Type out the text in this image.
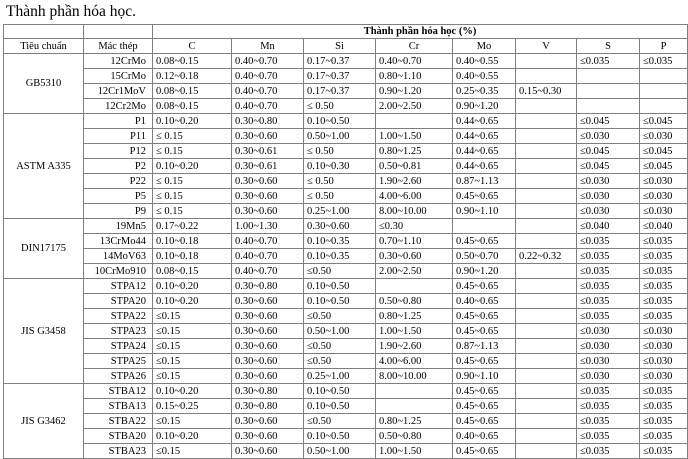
Thành phần hóa học.
		Thành phần hóa học (%)							
Tiêu chuẩn	Mác thép	C	Mn	Si	Cr	Mo	V	S	P
GB5310	12CrMo	0.08~0.15	0.40~0.70	0.17~0.37	0.40~0.70	0.40~0.55		≤0.035	≤0.035
	15CrMo	0.12~0.18	0.40~0.70	0.17~0.37	0.80~1.10	0.40~0.55			
	12Cr1MoV	0.08~0.15	0.40~0.70	0.17~0.37	0.90~1.20	0.25~0.35	0.15~0.30		
	12Cr2Mo	0.08~0.15	0.40~0.70	≤ 0.50	2.00~2.50	0.90~1.20			
ASTM A335	P1	0.10~0.20	0.30~0.80	0.10~0.50		0.44~0.65		≤0.045	≤0.045
	P11	≤ 0.15	0.30~0.60	0.50~1.00	1.00~1.50	0.44~0.65		≤0.030	≤0.030
	P12	≤ 0.15	0.30~0.61	≤ 0.50	0.80~1.25	0.44~0.65		≤0.045	≤0.045
	P2	0.10~0.20	0.30~0.61	0.10~0.30	0.50~0.81	0.44~0.65		≤0.045	≤0.045
	P22	≤ 0.15	0.30~0.60	≤ 0.50	1.90~2.60	0.87~1.13		≤0.030	≤0.030
	P5	≤ 0.15	0.30~0.60	≤ 0.50	4.00~6.00	0.45~0.65		≤0.030	≤0.030
	P9	≤ 0.15	0.30~0.60	0.25~1.00	8.00~10.00	0.90~1.10		≤0.030	≤0.030
DIN17175	19Mn5	0.17~0.22	1.00~1.30	0.30~0.60	≤0.30			≤0.040	≤0.040
	13CrMo44	0.10~0.18	0.40~0.70	0.10~0.35	0.70~1.10	0.45~0.65		≤0.035	≤0.035
	14MoV63	0.10~0.18	0.40~0.70	0.10~0.35	0.30~0.60	0.50~0.70	0.22~0.32	≤0.035	≤0.035
	10CrMo910	0.08~0.15	0.40~0.70	≤0.50	2.00~2.50	0.90~1.20		≤0.035	≤0.035
JIS G3458	STPA12	0.10~0.20	0.30~0.80	0.10~0.50		0.45~0.65		≤0.035	≤0.035
	STPA20	0.10~0.20	0.30~0.60	0.10~0.50	0.50~0.80	0.40~0.65		≤0.035	≤0.035
	STPA22	≤0.15	0.30~0.60	≤0.50	0.80~1.25	0.45~0.65		≤0.035	≤0.035
	STPA23	≤0.15	0.30~0.60	0.50~1.00	1.00~1.50	0.45~0.65		≤0.030	≤0.030
	STPA24	≤0.15	0.30~0.60	≤0.50	1.90~2.60	0.87~1.13		≤0.030	≤0.030
	STPA25	≤0.15	0.30~0.60	≤0.50	4.00~6.00	0.45~0.65		≤0.030	≤0.030
	STPA26	≤0.15	0.30~0.60	0.25~1.00	8.00~10.00	0.90~1.10		≤0.030	≤0.030
JIS G3462	STBA12	0.10~0.20	0.30~0.80	0.10~0.50		0.45~0.65		≤0.035	≤0.035
	STBA13	0.15~0.25	0.30~0.80	0.10~0.50		0.45~0.65		≤0.035	≤0.035
	STBA22	≤0.15	0.30~0.60	≤0.50	0.80~1.25	0.45~0.65		≤0.035	≤0.035
	STBA20	0.10~0.20	0.30~0.60	0.10~0.50	0.50~0.80	0.40~0.65		≤0.035	≤0.035
	STBA23	≤0.15	0.30~0.60	0.50~1.00	1.00~1.50	0.45~0.65		≤0.035	≤0.035
